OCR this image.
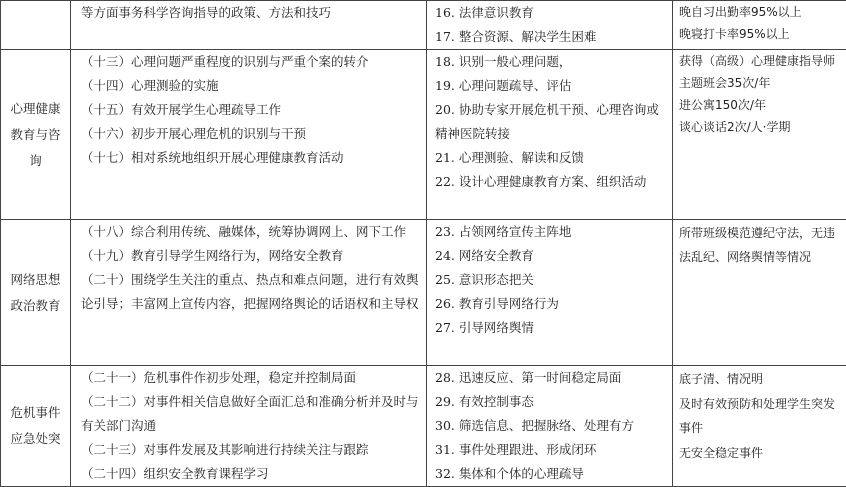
	等方面事务科学咨询指导的政策、方法和技巧	16. 法律意识教育
17. 整合资源、解决学生困难	晚自习出勤率95%以上
晚寝打卡率95%以上

心理健康教育与咨询	（十三）心理问题严重程度的识别与严重个案的转介
（十四）心理测验的实施
（十五）有效开展学生心理疏导工作
（十六）初步开展心理危机的识别与干预
（十七）相对系统地组织开展心理健康教育活动	18. 识别一般心理问题，
19. 心理问题疏导、评估
20. 协助专家开展危机干预、心理咨询或精神医院转接
21. 心理测验、解读和反馈
22. 设计心理健康教育方案、组织活动	获得（高级）心理健康指导师
主题班会35次/年
进公寓150次/年
谈心谈话2次/人·学期

网络思想政治教育	（十八）综合利用传统、融媒体，统筹协调网上、网下工作
（十九）教育引导学生网络行为，网络安全教育
（二十）围绕学生关注的重点、热点和难点问题，进行有效舆论引导；丰富网上宣传内容，把握网络舆论的话语权和主导权	23. 占领网络宣传主阵地
24. 网络安全教育
25. 意识形态把关
26. 教育引导网络行为
27. 引导网络舆情	所带班级模范遵纪守法，无违法乱纪、网络舆情等情况

危机事件应急处突	（二十一）危机事件作初步处理，稳定并控制局面
（二十二）对事件相关信息做好全面汇总和准确分析并及时与有关部门沟通
（二十三）对事件发展及其影响进行持续关注与跟踪
（二十四）组织安全教育课程学习	28. 迅速反应、第一时间稳定局面
29. 有效控制事态
30. 筛选信息、把握脉络、处理有方
31. 事件处理跟进、形成闭环
32. 集体和个体的心理疏导	底子清、情况明
及时有效预防和处理学生突发事件
无安全稳定事件
